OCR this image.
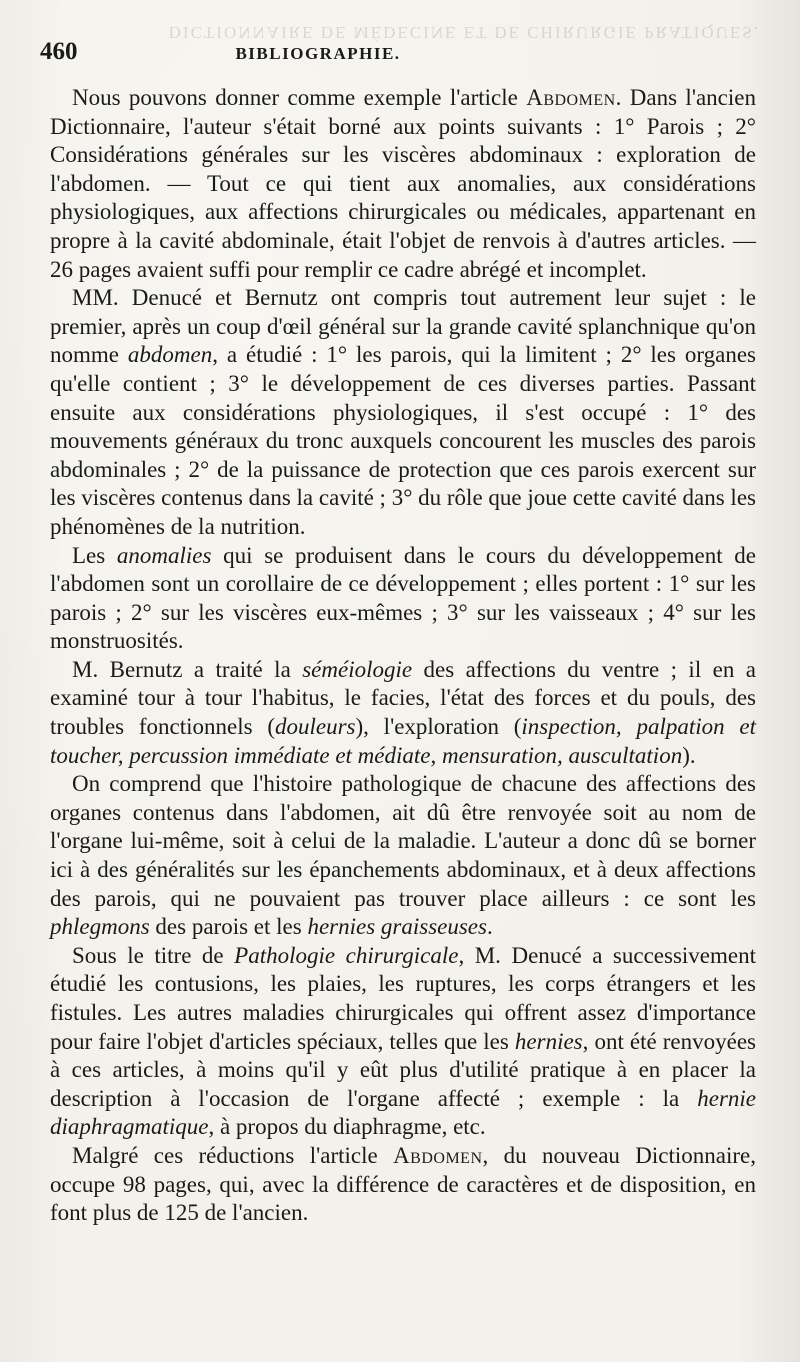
DICTIONNAIRE DE MÉDECINE ET DE CHIRURGIE PRATIQUES.
460	BIBLIOGRAPHIE.

Nous pouvons donner comme exemple l'article Abdomen. Dans l'ancien Dictionnaire, l'auteur s'était borné aux points suivants : 1° Parois ; 2° Considérations générales sur les viscères abdominaux : exploration de l'abdomen. — Tout ce qui tient aux anomalies, aux considérations physiologiques, aux affections chirurgicales ou médicales, appartenant en propre à la cavité abdominale, était l'objet de renvois à d'autres articles. — 26 pages avaient suffi pour remplir ce cadre abrégé et incomplet.

MM. Denucé et Bernutz ont compris tout autrement leur sujet : le premier, après un coup d'œil général sur la grande cavité splanchnique qu'on nomme abdomen, a étudié : 1° les parois, qui la limitent ; 2° les organes qu'elle contient ; 3° le développement de ces diverses parties. Passant ensuite aux considérations physiologiques, il s'est occupé : 1° des mouvements généraux du tronc auxquels concourent les muscles des parois abdominales ; 2° de la puissance de protection que ces parois exercent sur les viscères contenus dans la cavité ; 3° du rôle que joue cette cavité dans les phénomènes de la nutrition.

Les anomalies qui se produisent dans le cours du développement de l'abdomen sont un corollaire de ce développement ; elles portent : 1° sur les parois ; 2° sur les viscères eux-mêmes ; 3° sur les vaisseaux ; 4° sur les monstruosités.

M. Bernutz a traité la séméiologie des affections du ventre ; il en a examiné tour à tour l'habitus, le facies, l'état des forces et du pouls, des troubles fonctionnels (douleurs), l'exploration (inspection, palpation et toucher, percussion immédiate et médiate, mensuration, auscultation).

On comprend que l'histoire pathologique de chacune des affections des organes contenus dans l'abdomen, ait dû être renvoyée soit au nom de l'organe lui-même, soit à celui de la maladie. L'auteur a donc dû se borner ici à des généralités sur les épanchements abdominaux, et à deux affections des parois, qui ne pouvaient pas trouver place ailleurs : ce sont les phlegmons des parois et les hernies graisseuses.

Sous le titre de Pathologie chirurgicale, M. Denucé a successivement étudié les contusions, les plaies, les ruptures, les corps étrangers et les fistules. Les autres maladies chirurgicales qui offrent assez d'importance pour faire l'objet d'articles spéciaux, telles que les hernies, ont été renvoyées à ces articles, à moins qu'il y eût plus d'utilité pratique à en placer la description à l'occasion de l'organe affecté ; exemple : la hernie diaphragmatique, à propos du diaphragme, etc.

Malgré ces réductions l'article Abdomen, du nouveau Dictionnaire, occupe 98 pages, qui, avec la différence de caractères et de disposition, en font plus de 125 de l'ancien.
